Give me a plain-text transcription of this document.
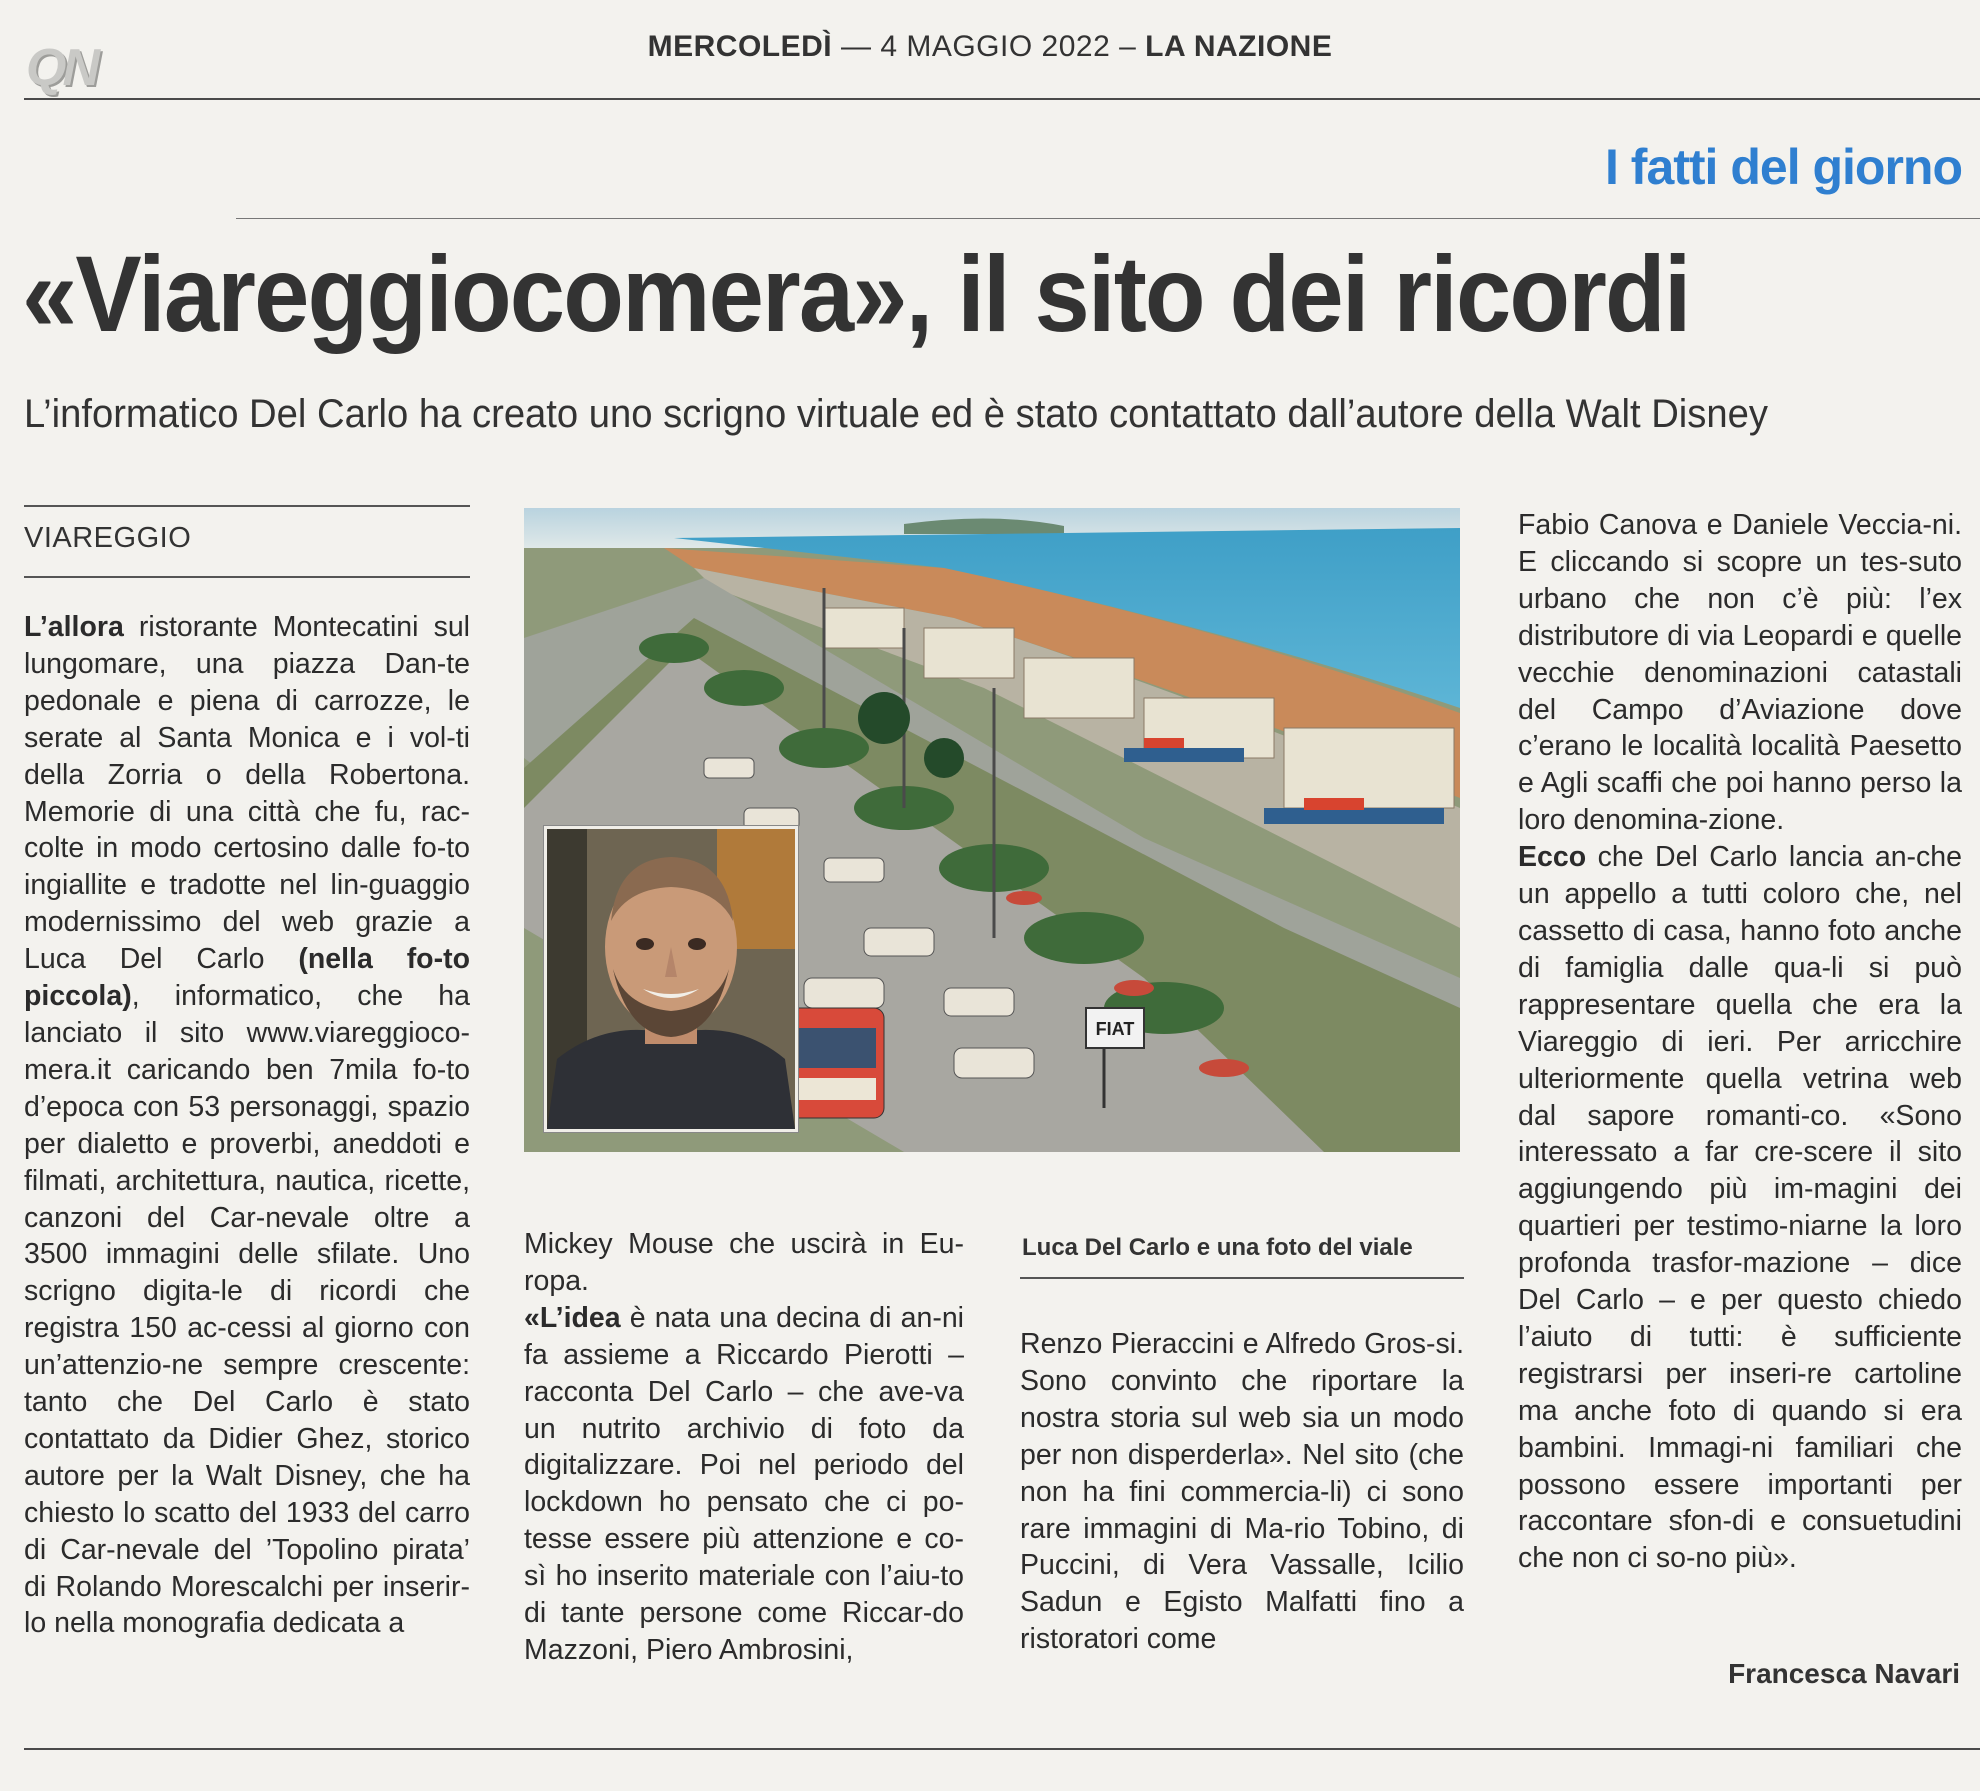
QN	MERCOLEDÌ — 4 MAGGIO 2022 – LA NAZIONE
I fatti del giorno
«Viareggiocomera», il sito dei ricordi
L’informatico Del Carlo ha creato uno scrigno virtuale ed è stato contattato dall’autore della Walt Disney
VIAREGGIO

L’allora ristorante Montecatini sul lungomare, una piazza Dan-te pedonale e piena di carrozze, le serate al Santa Monica e i vol-ti della Zorria o della Robertona. Memorie di una città che fu, rac-colte in modo certosino dalle fo-to ingiallite e tradotte nel lin-guaggio modernissimo del web grazie a Luca Del Carlo (nella fo-to piccola), informatico, che ha lanciato il sito www.viareggioco-mera.it caricando ben 7mila fo-to d’epoca con 53 personaggi, spazio per dialetto e proverbi, aneddoti e filmati, architettura, nautica, ricette, canzoni del Car-nevale oltre a 3500 immagini delle sfilate. Uno scrigno digita-le di ricordi che registra 150 ac-cessi al giorno con un’attenzio-ne sempre crescente: tanto che Del Carlo è stato contattato da Didier Ghez, storico autore per la Walt Disney, che ha chiesto lo scatto del 1933 del carro di Car-nevale del ’Topolino pirata’ di Rolando Morescalchi per inserir-lo nella monografia dedicata a

FIAT

Mickey Mouse che uscirà in Eu-ropa.

«L’idea è nata una decina di an-ni fa assieme a Riccardo Pierotti – racconta Del Carlo – che ave-va un nutrito archivio di foto da digitalizzare. Poi nel periodo del lockdown ho pensato che ci po-tesse essere più attenzione e co-sì ho inserito materiale con l’aiu-to di tante persone come Riccar-do Mazzoni, Piero Ambrosini,

Luca Del Carlo e una foto del viale

Renzo Pieraccini e Alfredo Gros-si. Sono convinto che riportare la nostra storia sul web sia un modo per non disperderla». Nel sito (che non ha fini commercia-li) ci sono rare immagini di Ma-rio Tobino, di Puccini, di Vera Vassalle, Icilio Sadun e Egisto Malfatti fino a ristoratori come

Fabio Canova e Daniele Veccia-ni. E cliccando si scopre un tes-suto urbano che non c’è più: l’ex distributore di via Leopardi e quelle vecchie denominazioni catastali del Campo d’Aviazione dove c’erano le località località Paesetto e Agli scaffi che poi hanno perso la loro denomina-zione.

Ecco che Del Carlo lancia an-che un appello a tutti coloro che, nel cassetto di casa, hanno foto anche di famiglia dalle qua-li si può rappresentare quella che era la Viareggio di ieri. Per arricchire ulteriormente quella vetrina web dal sapore romanti-co. «Sono interessato a far cre-scere il sito aggiungendo più im-magini dei quartieri per testimo-niarne la loro profonda trasfor-mazione – dice Del Carlo – e per questo chiedo l’aiuto di tutti: è sufficiente registrarsi per inseri-re cartoline ma anche foto di quando si era bambini. Immagi-ni familiari che possono essere importanti per raccontare sfon-di e consuetudini che non ci so-no più».

Francesca Navari
